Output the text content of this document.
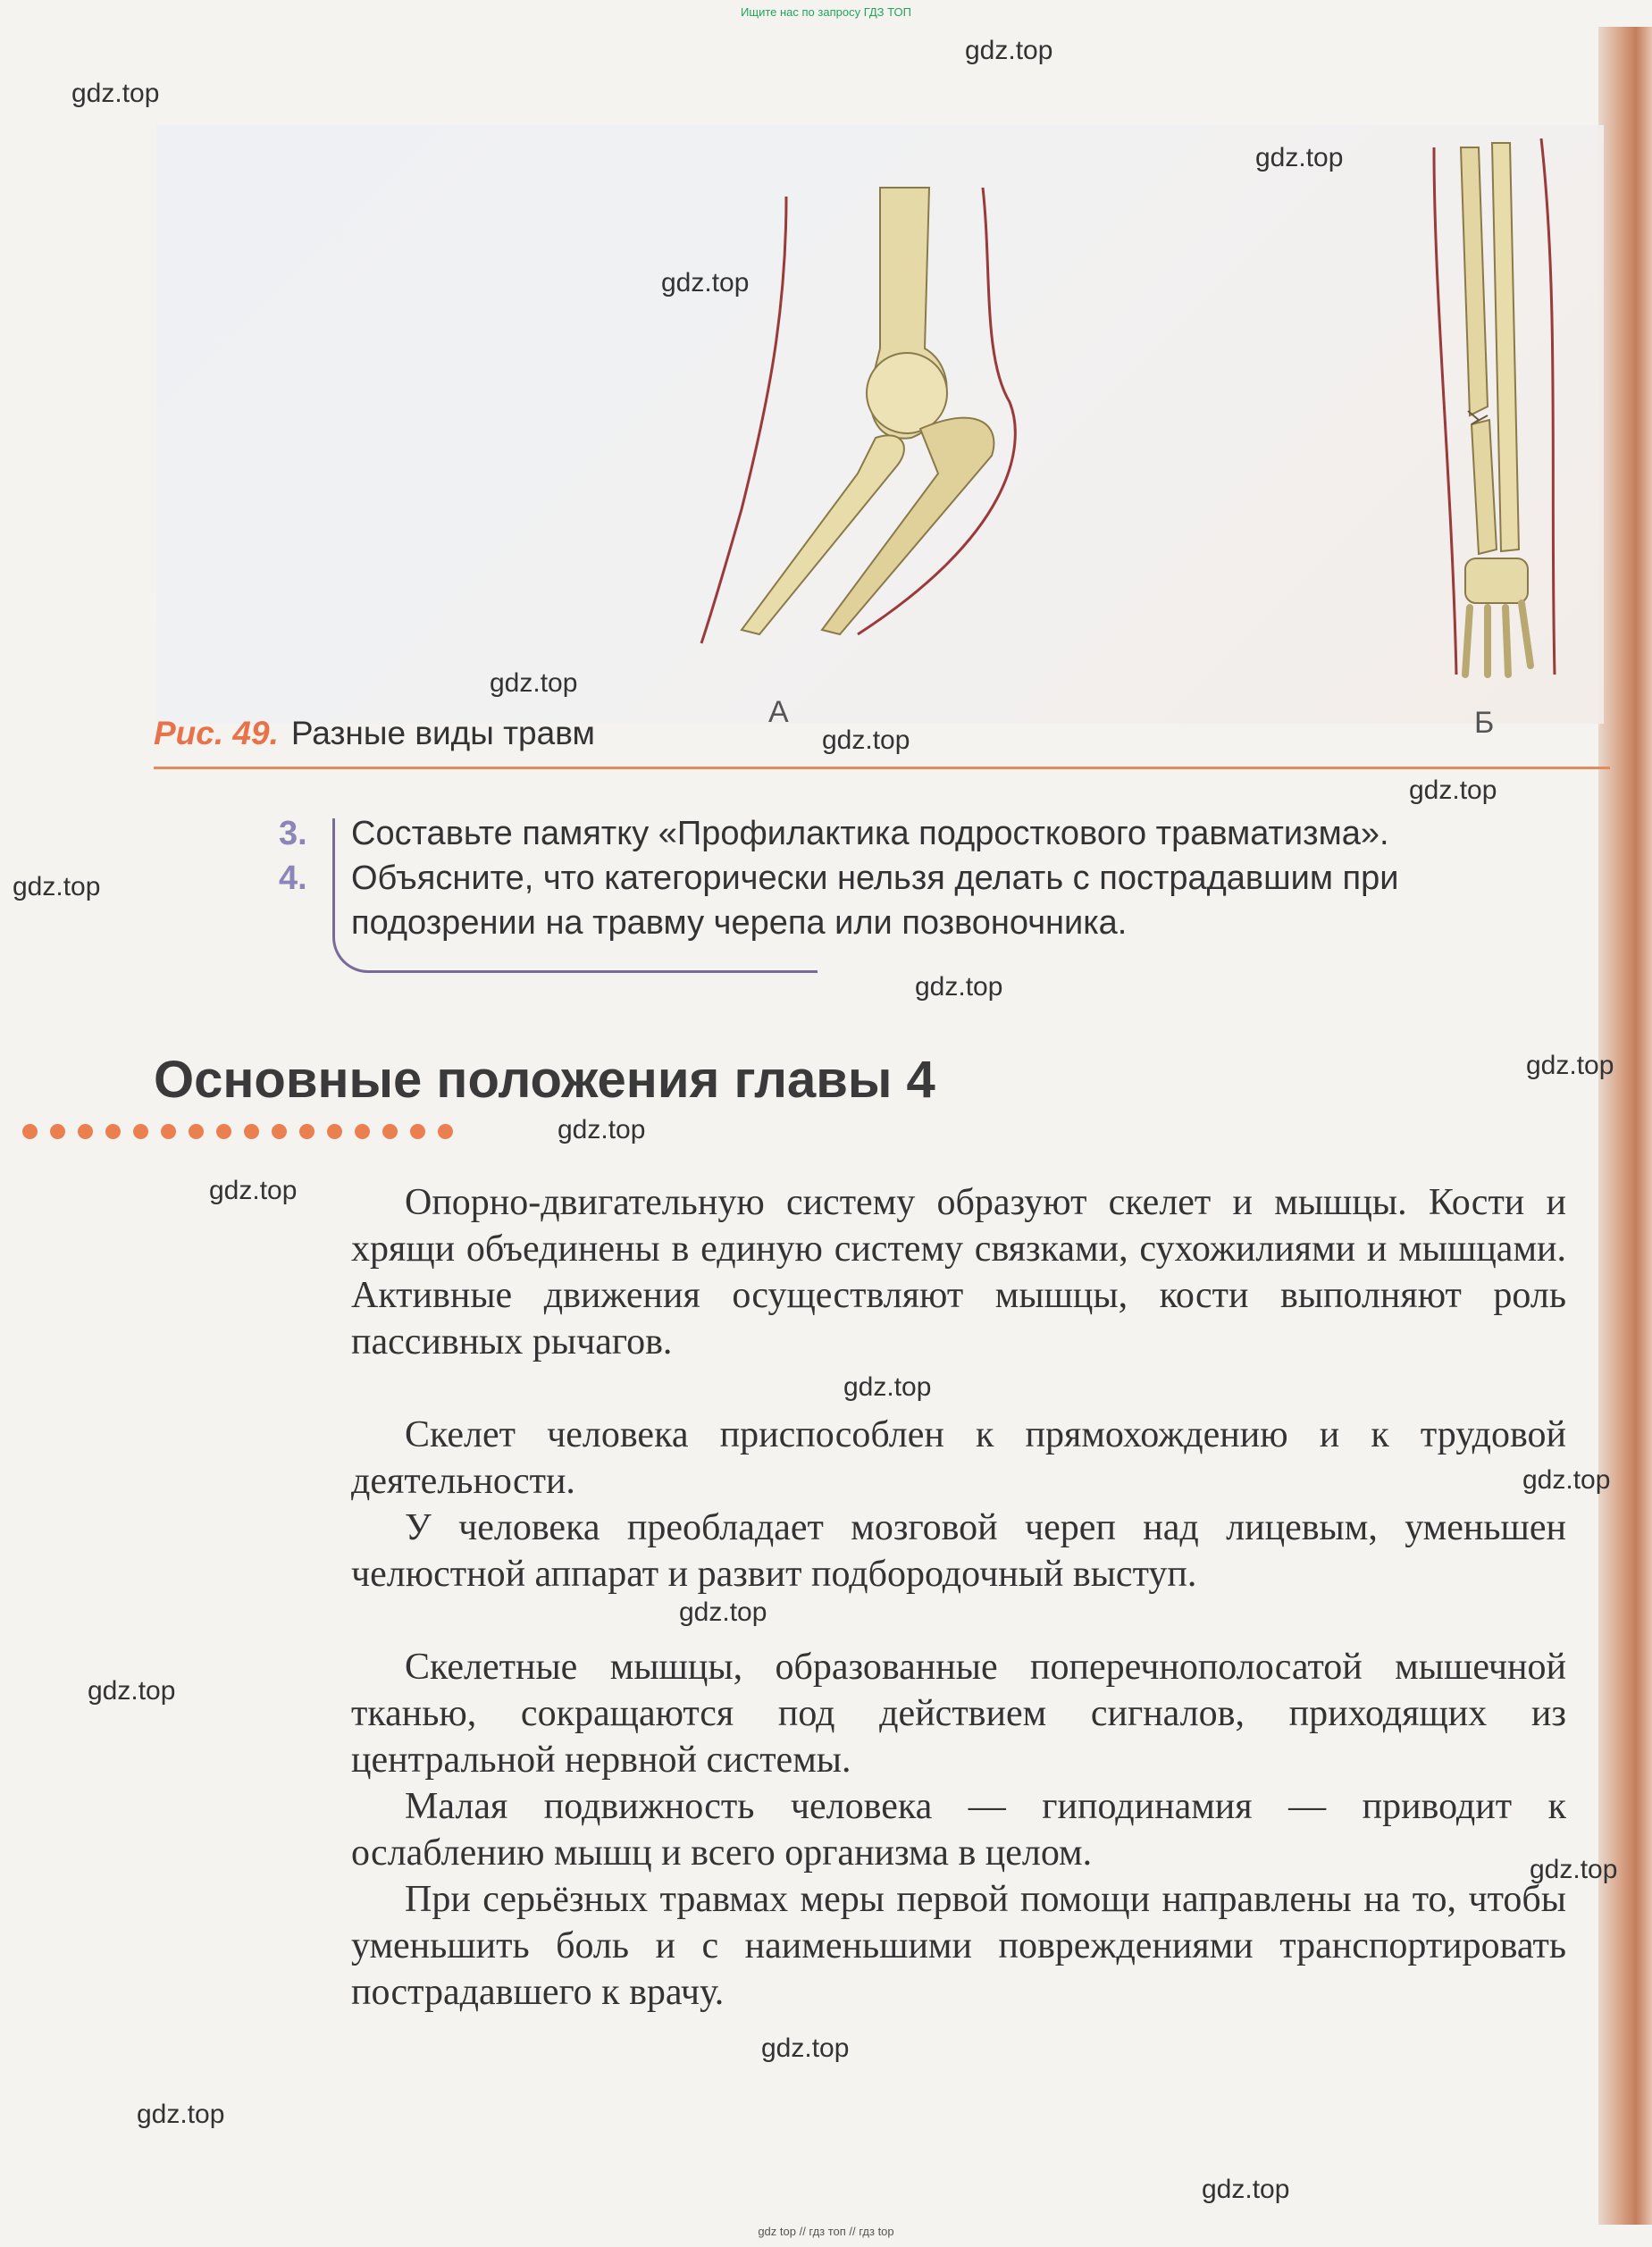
Ищите нас по запросу ГДЗ ТОП
А	Б
Рис. 49. Разные виды травм
3. Составьте памятку «Профилактика подросткового травматизма».
4. Объясните, что категорически нельзя делать с пострадавшим при
подозрении на травму черепа или позвоночника.
Основные положения главы 4
Опорно-двигательную систему образуют скелет и мышцы. Кости и хрящи объединены в единую систему связками, сухожилиями и мышцами. Активные движения осуществляют мышцы, кости выполняют роль пассивных рычагов.
Скелет человека приспособлен к прямохождению и к трудовой деятельности.
У человека преобладает мозговой череп над лицевым, уменьшен челюстной аппарат и развит подбородочный выступ.
Скелетные мышцы, образованные поперечнополосатой мышечной тканью, сокращаются под действием сигналов, приходящих из центральной нервной системы.
Малая подвижность человека — гиподинамия — приводит к ослаблению мышц и всего организма в целом.
При серьёзных травмах меры первой помощи направлены на то, чтобы уменьшить боль и с наименьшими повреждениями транспортировать пострадавшего к врачу.
gdz.top
gdz.top
gdz.top
gdz.top
gdz.top
gdz.top
gdz.top
gdz.top
gdz.top
gdz.top
gdz.top
gdz.top
gdz.top
gdz.top
gdz.top
gdz.top
gdz.top
gdz.top
gdz.top
gdz.top
gdz top // гдз топ // гдз top
